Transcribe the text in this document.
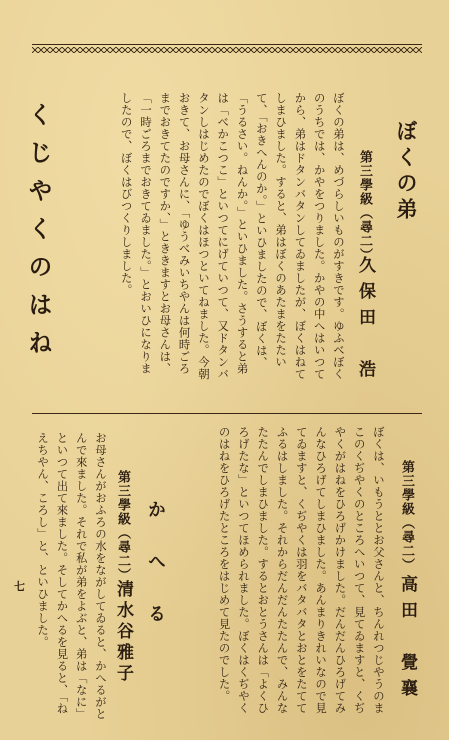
ぼくの弟
第三學級（尋二）
久保田　浩
ぼくの弟は、めづらしいものがすきです。ゆふべぼくのうちでは、かやをつりました。かやの中へはいつてから、弟はドタンバタンしてゐましたが、ぼくはねてしまひました。すると、弟はぼくのあたまをたたいて、「おきへんのか。」といひましたので、ぼくは、「うるさい。ねんか。」といひました。さうすると弟は「べかこつこ」といつてにげていつて、又ドタンバタンしはじめたのでぼくはほつといてねました。今朝おきて、お母さんに、「ゆうべみいちやんは何時ごろまでおきてたのですか、」とききますとお母さんは、「一時ごろまでおきてゐました。」とおいひになりましたので、ぼくはびつくりしました。
くじやくのはね
第三學級（尋二）
高田　覺襄
ぼくは、いもうととお父さんと、ちんれつじやうのまこのくぢやくのところへいつて、見てゐますと、くぢやくがはねをひろげかけました。だんだんひろげてみんなひろげてしまひました。あんまりきれいなので見てゐますと、くぢやくは羽をバタバタとおとをたててふるはしました。それからだんだんたたんで、みんなたたんでしまひました。するとおとうさんは「よくひろげたな」といつてほめられました。ぼくはくぢやくのはねをひろげたところをはじめて見たのでした。
か　へ　る
第三學級（尋二）
清水谷雅子
お母さんがおふろの水をながしてゐると、かへるがとんで來ました。それで私が弟をよぶと、弟は「なに」といつて出て來ました。そしてかへるを見ると、「ねえちやん、ころし」と、といひました。
七
